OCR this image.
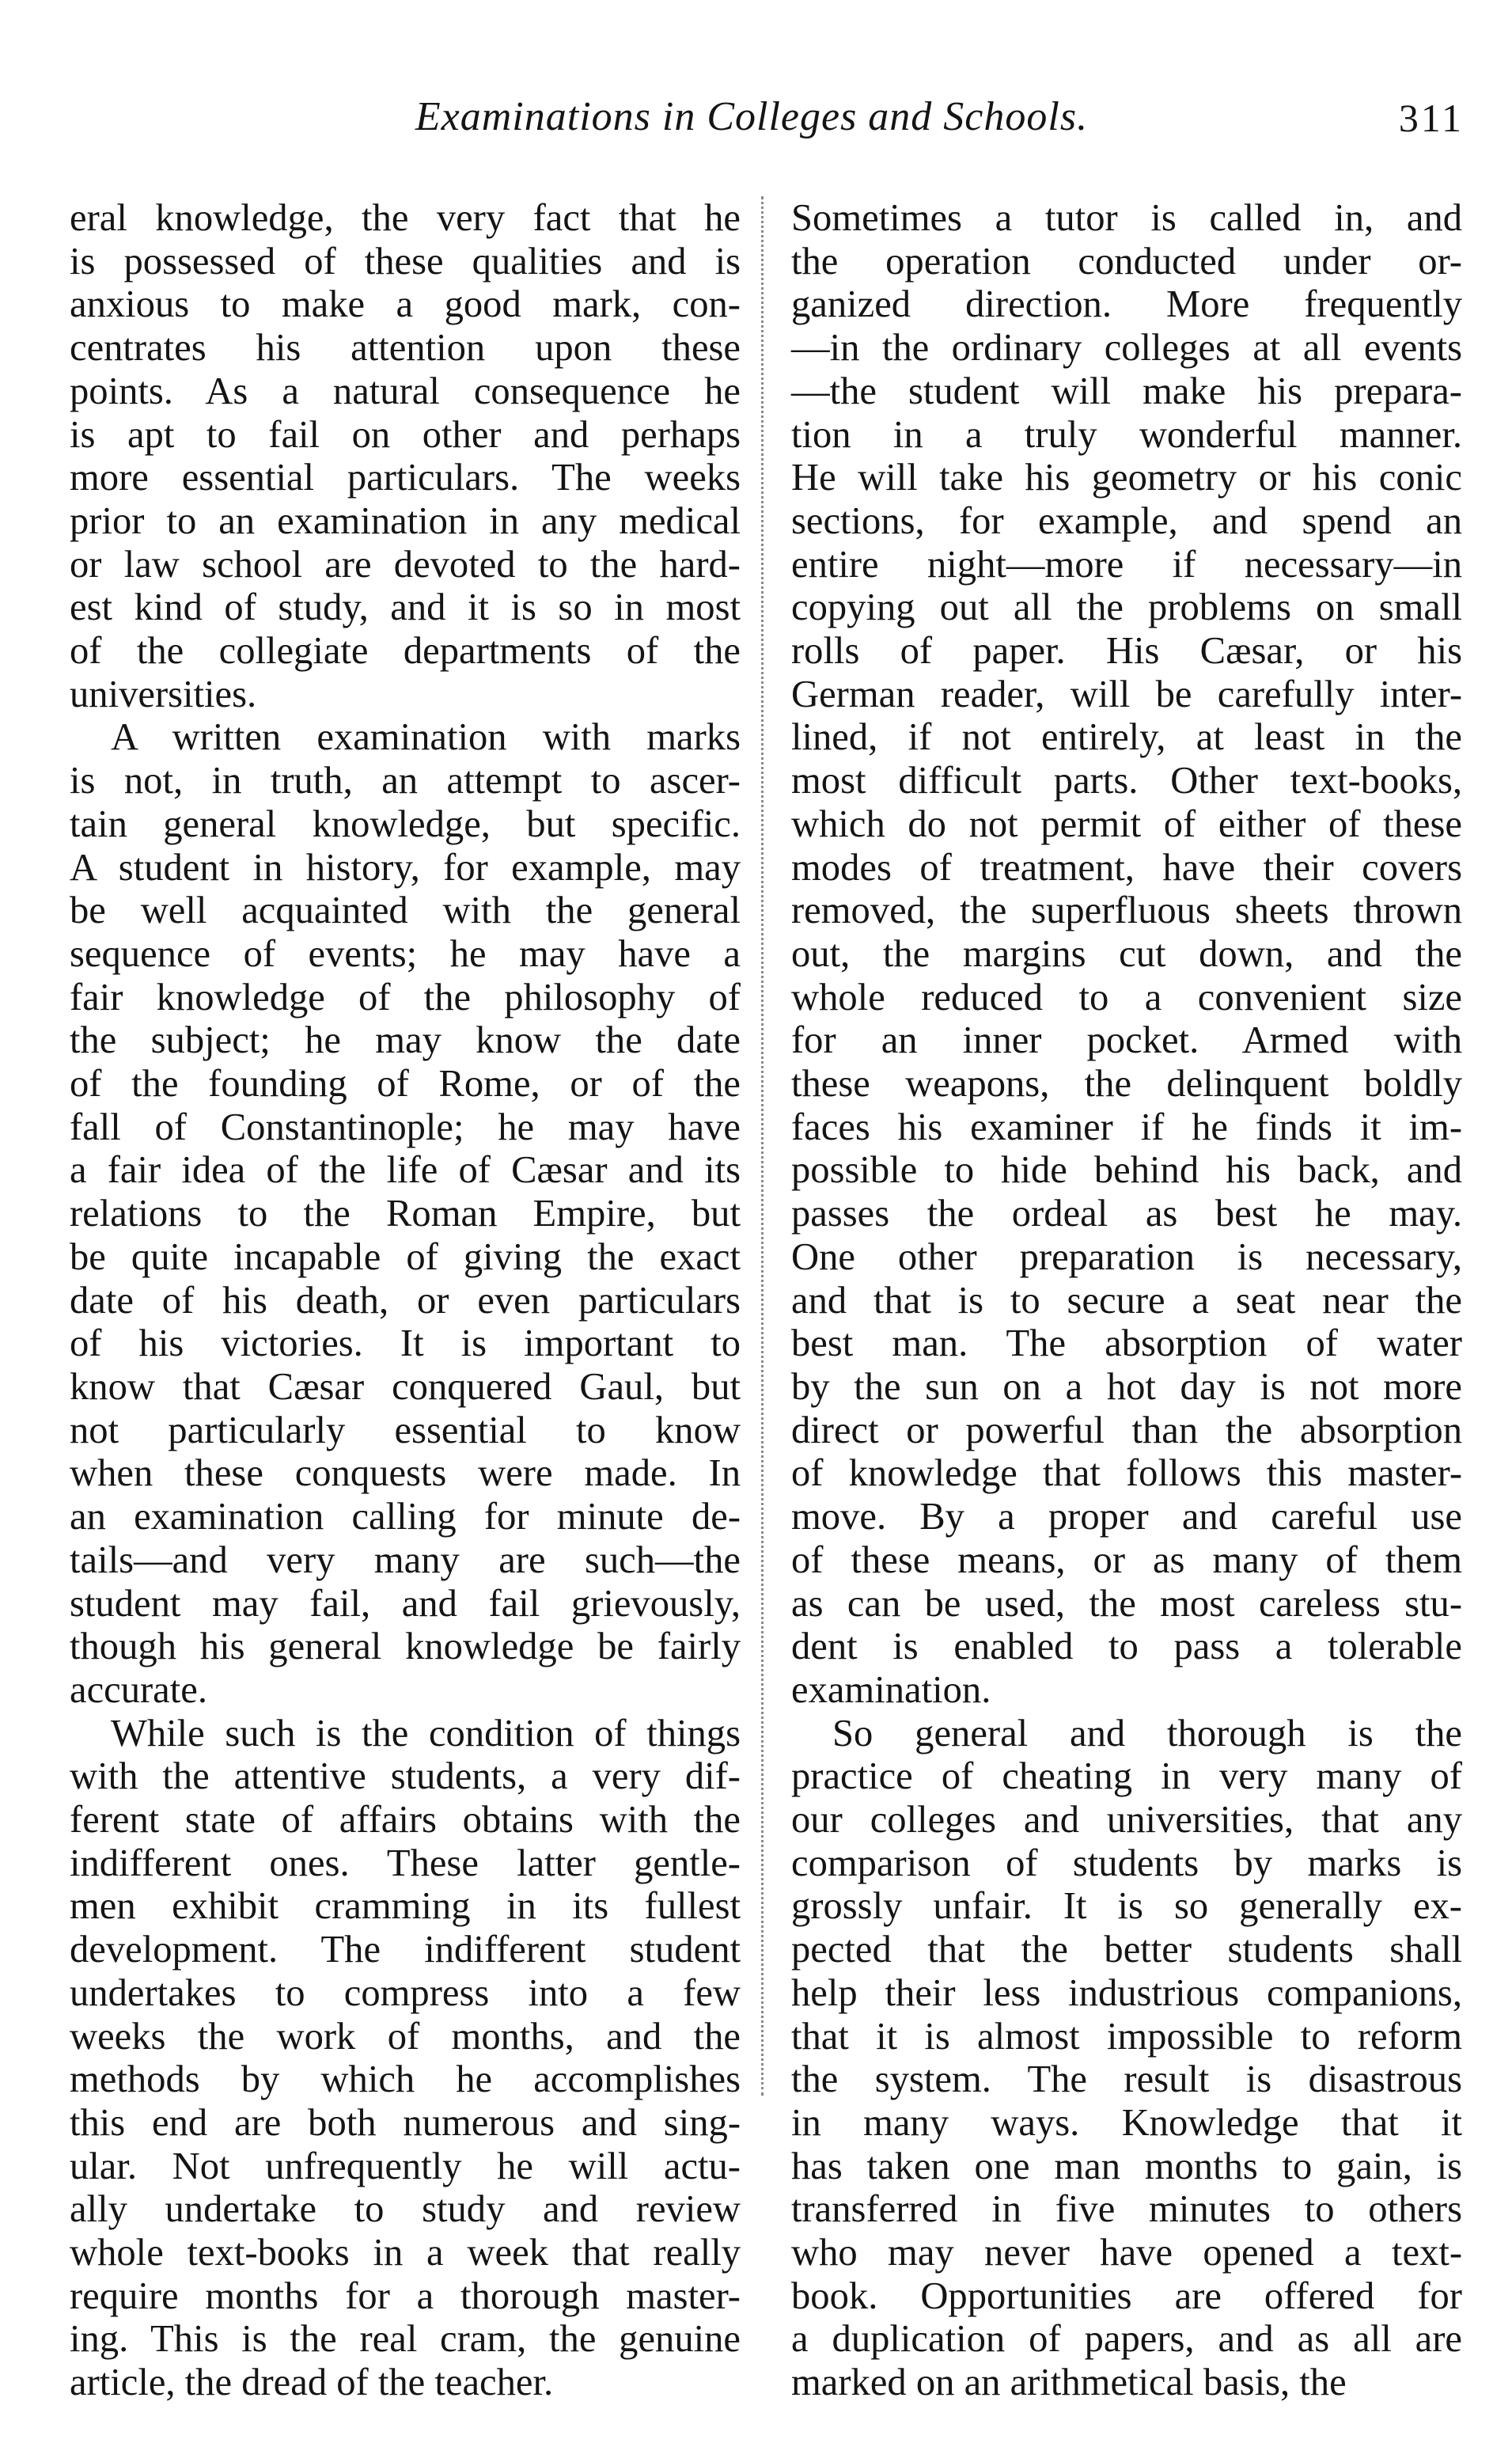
Examinations in Colleges and Schools.	311

eral knowledge, the very fact that he
is possessed of these qualities and is
anxious to make a good mark, con-
centrates his attention upon these
points. As a natural consequence he
is apt to fail on other and perhaps
more essential particulars. The weeks
prior to an examination in any medical
or law school are devoted to the hard-
est kind of study, and it is so in most
of the collegiate departments of the
universities.

A written examination with marks
is not, in truth, an attempt to ascer-
tain general knowledge, but specific.
A student in history, for example, may
be well acquainted with the general
sequence of events; he may have a
fair knowledge of the philosophy of
the subject; he may know the date
of the founding of Rome, or of the
fall of Constantinople; he may have
a fair idea of the life of Cæsar and its
relations to the Roman Empire, but
be quite incapable of giving the exact
date of his death, or even particulars
of his victories. It is important to
know that Cæsar conquered Gaul, but
not particularly essential to know
when these conquests were made. In
an examination calling for minute de-
tails—and very many are such—the
student may fail, and fail grievously,
though his general knowledge be fairly
accurate.

While such is the condition of things
with the attentive students, a very dif-
ferent state of affairs obtains with the
indifferent ones. These latter gentle-
men exhibit cramming in its fullest
development. The indifferent student
undertakes to compress into a few
weeks the work of months, and the
methods by which he accomplishes
this end are both numerous and sing-
ular. Not unfrequently he will actu-
ally undertake to study and review
whole text-books in a week that really
require months for a thorough master-
ing. This is the real cram, the genuine
article, the dread of the teacher.

Sometimes a tutor is called in, and
the operation conducted under or-
ganized direction. More frequently
—in the ordinary colleges at all events
—the student will make his prepara-
tion in a truly wonderful manner.
He will take his geometry or his conic
sections, for example, and spend an
entire night—more if necessary—in
copying out all the problems on small
rolls of paper. His Cæsar, or his
German reader, will be carefully inter-
lined, if not entirely, at least in the
most difficult parts. Other text-books,
which do not permit of either of these
modes of treatment, have their covers
removed, the superfluous sheets thrown
out, the margins cut down, and the
whole reduced to a convenient size
for an inner pocket. Armed with
these weapons, the delinquent boldly
faces his examiner if he finds it im-
possible to hide behind his back, and
passes the ordeal as best he may.
One other preparation is necessary,
and that is to secure a seat near the
best man. The absorption of water
by the sun on a hot day is not more
direct or powerful than the absorption
of knowledge that follows this master-
move. By a proper and careful use
of these means, or as many of them
as can be used, the most careless stu-
dent is enabled to pass a tolerable
examination.

So general and thorough is the
practice of cheating in very many of
our colleges and universities, that any
comparison of students by marks is
grossly unfair. It is so generally ex-
pected that the better students shall
help their less industrious companions,
that it is almost impossible to reform
the system. The result is disastrous
in many ways. Knowledge that it
has taken one man months to gain, is
transferred in five minutes to others
who may never have opened a text-
book. Opportunities are offered for
a duplication of papers, and as all are
marked on an arithmetical basis, the
